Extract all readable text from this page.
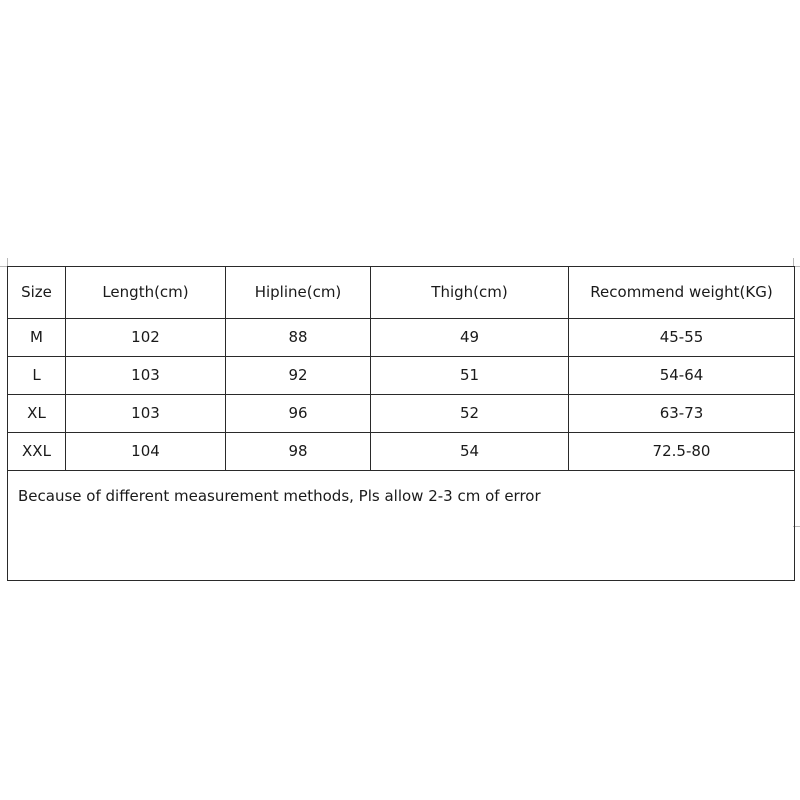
Size	Length(cm)	Hipline(cm)	Thigh(cm)	Recommend weight(KG)
M	102	88	49	45-55
L	103	92	51	54-64
XL	103	96	52	63-73
XXL	104	98	54	72.5-80
Because of different measurement methods, Pls allow 2-3 cm of error				
